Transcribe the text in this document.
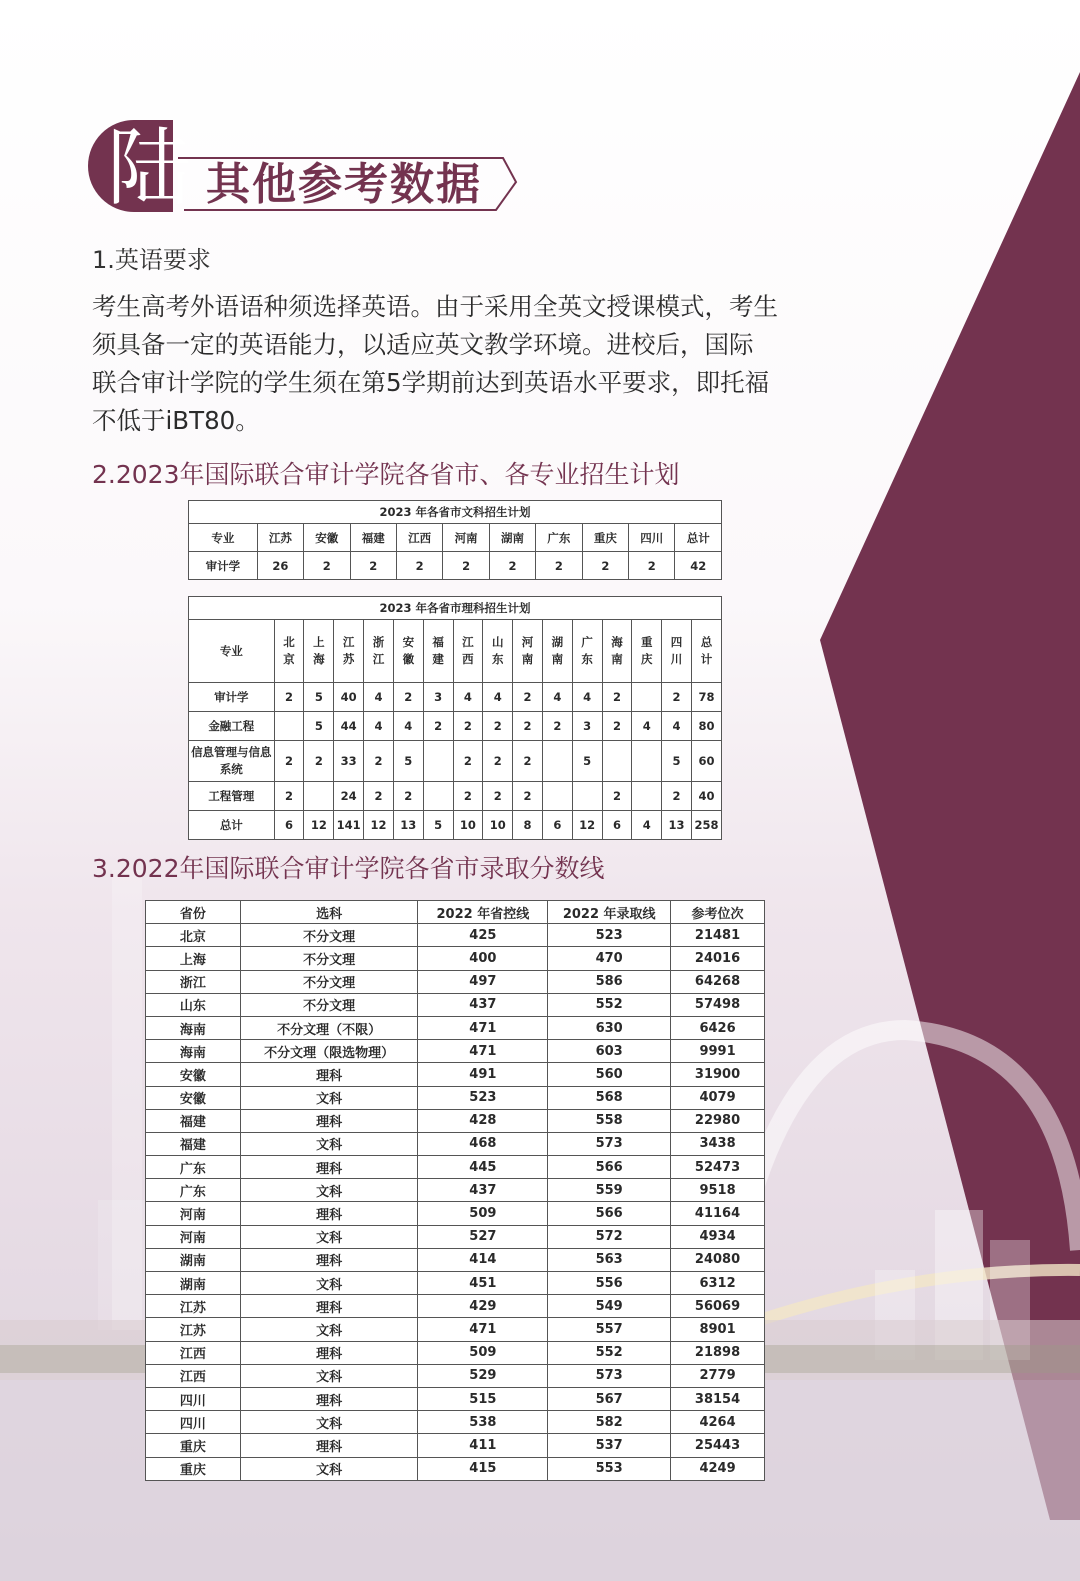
陆 其他参考数据
1.英语要求
考生高考外语语种须选择英语。由于采用全英文授课模式，考生
须具备一定的英语能力，以适应英文教学环境。进校后，国际
联合审计学院的学生须在第5学期前达到英语水平要求，即托福
不低于iBT80。
2.2023年国际联合审计学院各省市、各专业招生计划
2023 年各省市文科招生计划										
专业	江苏	安徽	福建	江西	河南	湖南	广东	重庆	四川	总计
审计学	26	2	2	2	2	2	2	2	2	42
2023 年各省市理科招生计划															
专业	北京	上海	江苏	浙江	安徽	福建	江西	山东	河南	湖南	广东	海南	重庆	四川	总计
审计学	2	5	40	4	2	3	4	4	2	4	4	2		2	78
金融工程		5	44	4	4	2	2	2	2	2	3	2	4	4	80
信息管理与信息系统	2	2	33	2	5		2	2	2		5			5	60
工程管理	2		24	2	2		2	2	2			2		2	40
总计	6	12	141	12	13	5	10	10	8	6	12	6	4	13	258
3.2022年国际联合审计学院各省市录取分数线
省份	选科	2022 年省控线	2022 年录取线	参考位次
北京	不分文理	425	523	21481
上海	不分文理	400	470	24016
浙江	不分文理	497	586	64268
山东	不分文理	437	552	57498
海南	不分文理（不限）	471	630	6426
海南	不分文理（限选物理）	471	603	9991
安徽	理科	491	560	31900
安徽	文科	523	568	4079
福建	理科	428	558	22980
福建	文科	468	573	3438
广东	理科	445	566	52473
广东	文科	437	559	9518
河南	理科	509	566	41164
河南	文科	527	572	4934
湖南	理科	414	563	24080
湖南	文科	451	556	6312
江苏	理科	429	549	56069
江苏	文科	471	557	8901
江西	理科	509	552	21898
江西	文科	529	573	2779
四川	理科	515	567	38154
四川	文科	538	582	4264
重庆	理科	411	537	25443
重庆	文科	415	553	4249
